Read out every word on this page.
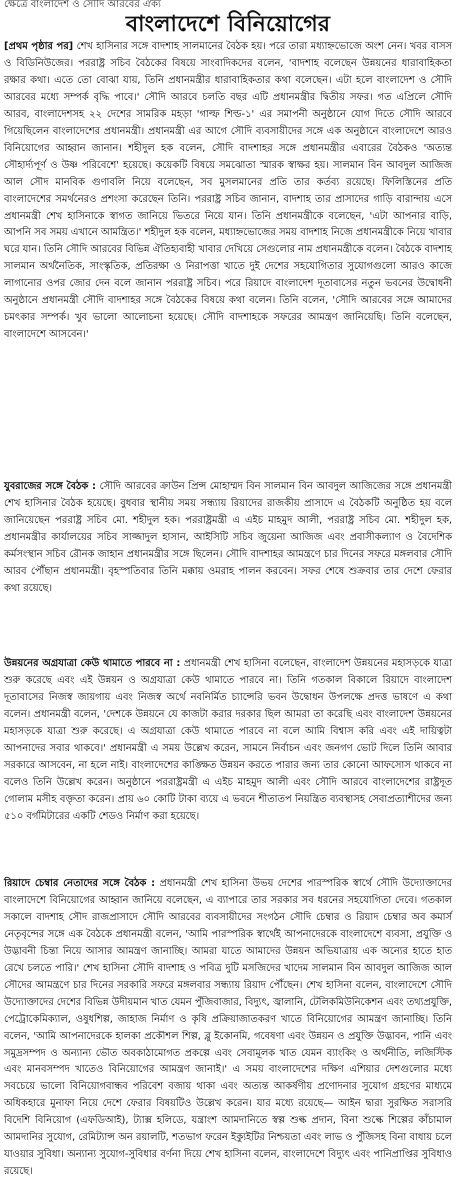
ক্ষেত্রে বাংলাদেশ ও সৌদি আরবের ঐক্য
বাংলাদেশে বিনিয়োগের

[প্রথম পৃষ্ঠার পর] শেখ হাসিনার সঙ্গে বাদশাহ সালমানের বৈঠক হয়। পরে তারা মধ্যাহ্নভোজে অংশ নেন। খবর বাসস ও বিডিনিউজের। পররাষ্ট্র সচিব বৈঠকের বিষয়ে সাংবাদিকদের বলেন, 'বাদশাহ বলেছেন উন্নয়নের ধারাবাহিকতা রক্ষার কথা। এতে তো বোঝা যায়, তিনি প্রধানমন্ত্রীর ধারাবাহিকতার কথা বলেছেন। এটা হলে বাংলাদেশ ও সৌদি আরবের মধ্যে সম্পর্ক বৃদ্ধি পাবে।' সৌদি আরবে চলতি বছর এটি প্রধানমন্ত্রীর দ্বিতীয় সফর। গত এপ্রিলে সৌদি আরব, বাংলাদেশসহ ২২ দেশের সামরিক মহড়া 'গাল্ফ শিল্ড-১' এর সমাপনী অনুষ্ঠানে যোগ দিতে সৌদি আরবে গিয়েছিলেন বাংলাদেশের প্রধানমন্ত্রী। প্রধানমন্ত্রী এর আগে সৌদি ব্যবসায়ীদের সঙ্গে এক অনুষ্ঠানে বাংলাদেশে আরও বিনিয়োগের আহ্বান জানান। শহীদুল হক বলেন, সৌদি বাদশাহর সঙ্গে প্রধানমন্ত্রীর এবারের বৈঠকও 'অত্যন্ত সৌহার্দ্যপূর্ণ ও উষ্ণ পরিবেশে' হয়েছে। কয়েকটি বিষয়ে সমঝোতা স্মারক স্বাক্ষর হয়। সালমান বিন আবদুল আজিজ আল সৌদ মানবিক গুণাবলি নিয়ে বলেছেন, সব মুসলমানের প্রতি তার কর্তব্য রয়েছে। ফিলিস্তিনের প্রতি বাংলাদেশের সমর্থনেরও প্রশংসা করেছেন তিনি। পররাষ্ট্র সচিব জানান, বাদশাহ তার প্রাসাদের গাড়ি বারান্দায় এসে প্রধানমন্ত্রী শেখ হাসিনাকে স্বাগত জানিয়ে ভিতরে নিয়ে যান। তিনি প্রধানমন্ত্রীকে বলেছেন, 'এটা আপনার বাড়ি, আপনি সব সময় এখানে আমন্ত্রিত।' শহীদুল হক বলেন, মধ্যাহ্নভোজের সময় বাদশাহ নিজে প্রধানমন্ত্রীকে নিয়ে খাবার ঘরে যান। তিনি সৌদি আরবের বিভিন্ন ঐতিহ্যবাহী খাবার দেখিয়ে সেগুলোর নাম প্রধানমন্ত্রীকে বলেন। বৈঠকে বাদশাহ সালমান অর্থনৈতিক, সাংস্কৃতিক, প্রতিরক্ষা ও নিরাপত্তা খাতে দুই দেশের সহযোগিতার সুযোগগুলো আরও কাজে লাগানোর ওপর জোর দেন বলে জানান পররাষ্ট্র সচিব। পরে রিয়াদে বাংলাদেশ দূতাবাসের নতুন ভবনের উদ্বোধনী অনুষ্ঠানে প্রধানমন্ত্রী সৌদি বাদশাহর সঙ্গে বৈঠকের বিষয়ে কথা বলেন। তিনি বলেন, 'সৌদি আরবের সঙ্গে আমাদের চমৎকার সম্পর্ক। খুব ভালো আলোচনা হয়েছে। সৌদি বাদশাহকে সফরের আমন্ত্রণ জানিয়েছি। তিনি বলেছেন, বাংলাদেশে আসবেন।'

যুবরাজের সঙ্গে বৈঠক : সৌদি আরবের ক্রাউন প্রিন্স মোহাম্মদ বিন সালমান বিন আবদুল আজিজের সঙ্গে প্রধানমন্ত্রী শেখ হাসিনার বৈঠক হয়েছে। বুধবার স্থানীয় সময় সন্ধ্যায় রিয়াদের রাজকীয় প্রাসাদে এ বৈঠকটি অনুষ্ঠিত হয় বলে জানিয়েছেন পররাষ্ট্র সচিব মো. শহীদুল হক। পররাষ্ট্রমন্ত্রী এ এইচ মাহমুদ আলী, পররাষ্ট্র সচিব মো. শহীদুল হক, প্রধানমন্ত্রীর কার্যালয়ের সচিব সাজ্জাদুল হাসান, আইসিটি সচিব জুয়েনা আজিজ এবং প্রবাসীকল্যাণ ও বৈদেশিক কর্মসংস্থান সচিব রৌনক জাহান প্রধানমন্ত্রীর সঙ্গে ছিলেন। সৌদি বাদশাহর আমন্ত্রণে চার দিনের সফরে মঙ্গলবার সৌদি আরব পৌঁছান প্রধানমন্ত্রী। বৃহস্পতিবার তিনি মক্কায় ওমরাহ পালন করবেন। সফর শেষে শুক্রবার তার দেশে ফেরার কথা রয়েছে।

উন্নয়নের অগ্রযাত্রা কেউ থামাতে পারবে না : প্রধানমন্ত্রী শেখ হাসিনা বলেছেন, বাংলাদেশ উন্নয়নের মহাসড়কে যাত্রা শুরু করেছে এবং এই উন্নয়ন ও অগ্রযাত্রা কেউ থামাতে পারবে না। তিনি গতকাল বিকালে রিয়াদে বাংলাদেশ দূতাবাসের নিজস্ব জায়গায় এবং নিজস্ব অর্থে নবনির্মিত চ্যান্সেরি ভবন উদ্বোধন উপলক্ষে প্রদত্ত ভাষণে এ কথা বলেন। প্রধানমন্ত্রী বলেন, 'দেশকে উন্নয়নে যে কাজটা করার দরকার ছিল আমরা তা করেছি এবং বাংলাদেশ উন্নয়নের মহাসড়কে যাত্রা শুরু করেছে। এ অগ্রযাত্রা কেউ থামাতে পারবে না বলে আমি বিশ্বাস করি এবং এই দায়িত্বটা আপনাদের সবার থাকবে।' প্রধানমন্ত্রী এ সময় উল্লেখ করেন, সামনে নির্বাচন এবং জনগণ ভোট দিলে তিনি আবার সরকারে আসবেন, না হলে নাই। বাংলাদেশের কাঙ্ক্ষিত উন্নয়ন করতে পারার জন্য তার কোনো আফসোস থাকবে না বলেও তিনি উল্লেখ করেন। অনুষ্ঠানে পররাষ্ট্রমন্ত্রী এ এইচ মাহমুদ আলী এবং সৌদি আরবে বাংলাদেশের রাষ্ট্রদূত গোলাম মসীহ বক্তৃতা করেন। প্রায় ৬০ কোটি টাকা ব্যয়ে এ ভবনে শীতাতপ নিয়ন্ত্রিত ব্যবস্থাসহ সেবাপ্রত্যাশীদের জন্য ৫১০ বর্গমিটারের একটি শেডও নির্মাণ করা হয়েছে।

রিয়াদে চেম্বার নেতাদের সঙ্গে বৈঠক : প্রধানমন্ত্রী শেখ হাসিনা উভয় দেশের পারস্পরিক স্বার্থে সৌদি উদ্যোক্তাদের বাংলাদেশে বিনিয়োগের আহ্বান জানিয়ে বলেছেন, এ ব্যাপারে তার সরকার সব ধরনের সহযোগিতা দেবে। গতকাল সকালে বাদশাহ সৌদ রাজপ্রাসাদে সৌদি আরবের ব্যবসায়ীদের সংগঠন সৌদি চেম্বার ও রিয়াদ চেম্বার অব কমার্স নেতৃবৃন্দের সঙ্গে এক বৈঠকে প্রধানমন্ত্রী বলেন, 'আমি পারস্পরিক স্বার্থেই আপনাদেরকে বাংলাদেশে ব্যবসা, প্রযুক্তি ও উদ্ভাবনী চিন্তা নিয়ে আসার আমন্ত্রণ জানাচ্ছি। আমরা যাতে আমাদের উন্নয়ন অভিযাত্রায় এক অন্যের হাতে হাত রেখে চলতে পারি।' শেখ হাসিনা সৌদি বাদশাহ ও পবিত্র দুটি মসজিদের খাদেম সালমান বিন আবদুল আজিজ আল সৌদের আমন্ত্রণে চার দিনের সরকারি সফরে মঙ্গলবার সন্ধ্যায় রিয়াদ পৌঁছেন। শেখ হাসিনা বলেন, বাংলাদেশে সৌদি উদ্যোক্তাদের দেশের বিভিন্ন উদীয়মান খাত যেমন পুঁজিবাজার, বিদ্যুৎ, জ্বালানি, টেলিকমিউনিকেশন এবং তথ্যপ্রযুক্তি, পেট্রোকেমিক্যাল, ওষুধশিল্প, জাহাজ নির্মাণ ও কৃষি প্রক্রিয়াজাতকরণ খাতে বিনিয়োগের আমন্ত্রণ জানাচ্ছি। তিনি বলেন, 'আমি আপনাদেরকে হালকা প্রকৌশল শিল্প, ব্লু ইকোনমি, গবেষণা এবং উন্নয়ন ও প্রযুক্তি উদ্ভাবন, পানি এবং সমুদ্রসম্পদ ও অন্যান্য ভৌত অবকাঠামোগত প্রকল্পে এবং সেবামূলক খাত যেমন ব্যাংকিং ও অর্থনীতি, লজিস্টিক এবং মানবসম্পদ খাতেও বিনিয়োগের আমন্ত্রণ জানাই।' এ সময় বাংলাদেশের দক্ষিণ এশিয়ার দেশগুলোর মধ্যে সবচেয়ে ভালো বিনিয়োগবান্ধব পরিবেশ বজায় থাকা এবং অত্যন্ত আকর্ষণীয় প্রণোদনার সুযোগ গ্রহণের মাধ্যমে অধিকহারে মুনাফা নিয়ে দেশে ফেরার বিষয়টিও উল্লেখ করেন। যার মধ্যে রয়েছে— আইন দ্বারা সুরক্ষিত সরাসরি বিদেশি বিনিয়োগ (এফডিআই), ট্যাক্স হলিডে, যন্ত্রাংশ আমদানিতে স্বল্প শুল্ক প্রদান, বিনা শুল্কে শিল্পের কাঁচামাল আমদানির সুযোগ, রেমিট্যান্স অন রয়ালটি, শতভাগ ফরেন ইক্যুইটির নিশ্চয়তা এবং লাভ ও পুঁজিসহ বিনা বাধায় চলে যাওয়ার সুবিধা। অন্যান্য সুযোগ-সুবিধার বর্ণনা দিয়ে শেখ হাসিনা বলেন, বাংলাদেশে বিদ্যুৎ এবং পানিপ্রাপ্তির সুবিধাও রয়েছে।
